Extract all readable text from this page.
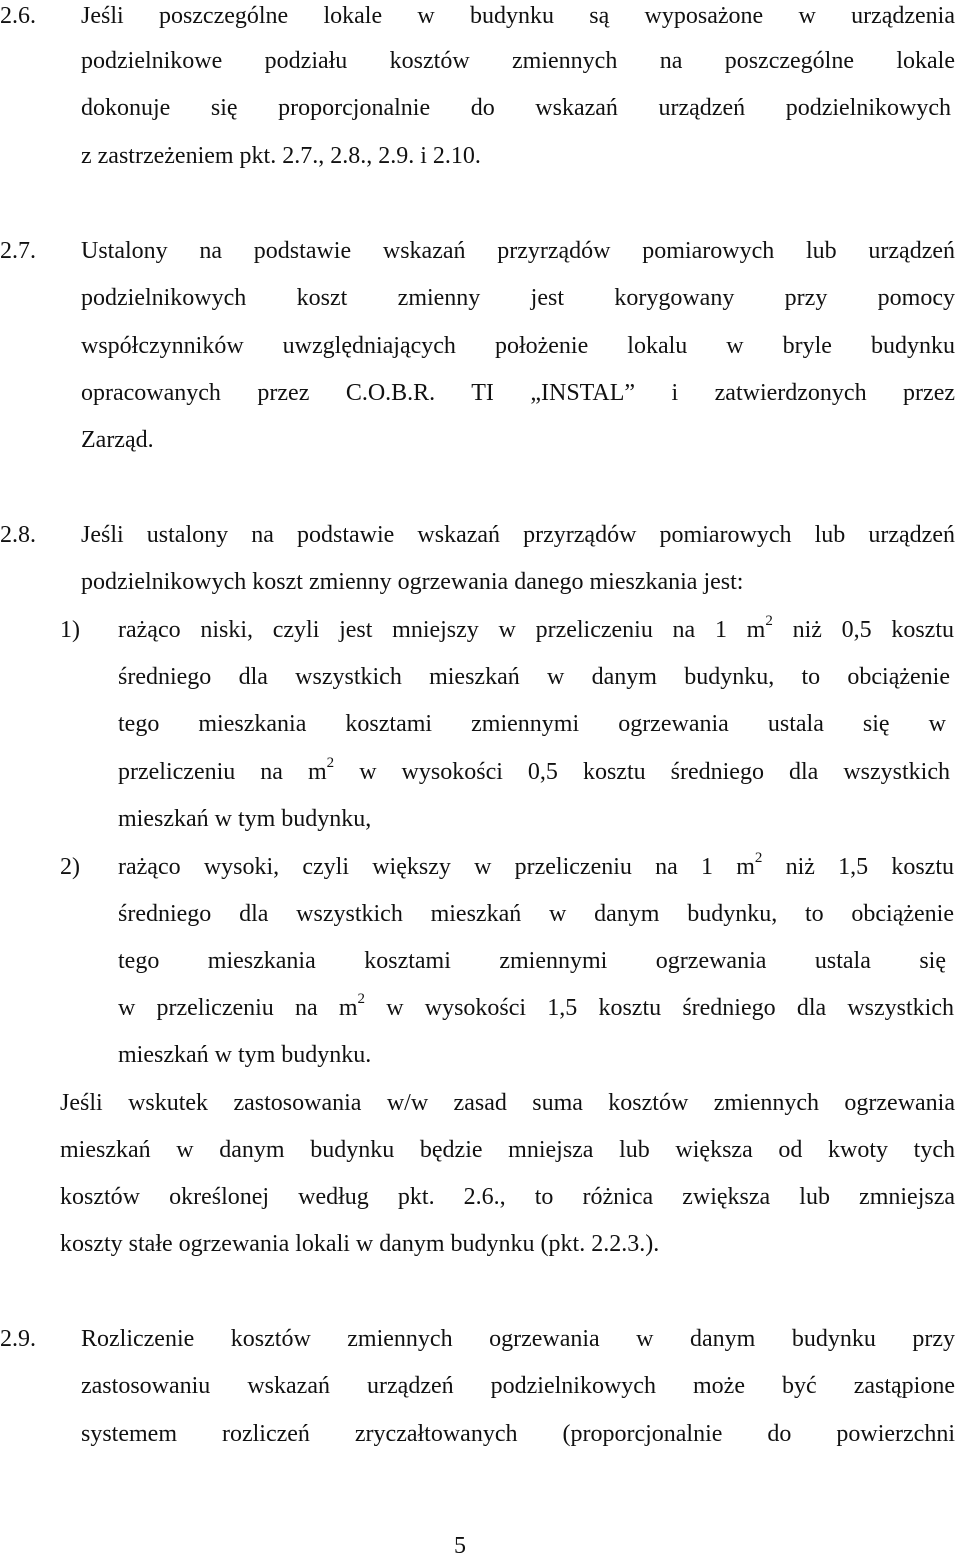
2.6. Jeśli poszczególne lokale w budynku są wyposażone w urządzenia
podzielnikowe podziału kosztów zmiennych na poszczególne lokale
dokonuje się proporcjonalnie do wskazań urządzeń podzielnikowych
z zastrzeżeniem pkt. 2.7., 2.8., 2.9. i 2.10.
2.7. Ustalony na podstawie wskazań przyrządów pomiarowych lub urządzeń
podzielnikowych koszt zmienny jest korygowany przy pomocy
współczynników uwzględniających położenie lokalu w bryle budynku
opracowanych przez C.O.B.R. TI „INSTAL” i zatwierdzonych przez
Zarząd.
2.8. Jeśli ustalony na podstawie wskazań przyrządów pomiarowych lub urządzeń
podzielnikowych koszt zmienny ogrzewania danego mieszkania jest:
1) rażąco niski, czyli jest mniejszy w przeliczeniu na 1 $m^2$ niż 0,5 kosztu
średniego dla wszystkich mieszkań w danym budynku, to obciążenie
tego mieszkania kosztami zmiennymi ogrzewania ustala się w
przeliczeniu na $m^2$ w wysokości 0,5 kosztu średniego dla wszystkich
mieszkań w tym budynku,
2) rażąco wysoki, czyli większy w przeliczeniu na 1 $m^2$ niż 1,5 kosztu
średniego dla wszystkich mieszkań w danym budynku, to obciążenie
tego mieszkania kosztami zmiennymi ogrzewania ustala się
w przeliczeniu na $m^2$ w wysokości 1,5 kosztu średniego dla wszystkich
mieszkań w tym budynku.
Jeśli wskutek zastosowania w/w zasad suma kosztów zmiennych ogrzewania
mieszkań w danym budynku będzie mniejsza lub większa od kwoty tych
kosztów określonej według pkt. 2.6., to różnica zwiększa lub zmniejsza
koszty stałe ogrzewania lokali w danym budynku (pkt. 2.2.3.).
2.9. Rozliczenie kosztów zmiennych ogrzewania w danym budynku przy
zastosowaniu wskazań urządzeń podzielnikowych może być zastąpione
systemem rozliczeń zryczałtowanych (proporcjonalnie do powierzchni
5
